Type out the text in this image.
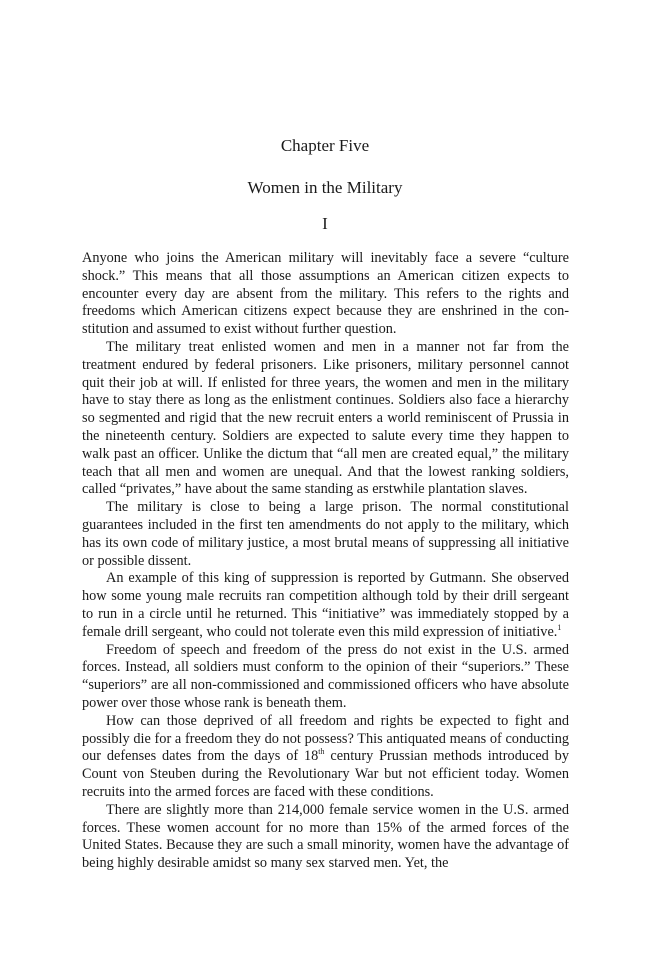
Chapter Five
Women in the Military
I

Anyone who joins the American military will inevitably face a severe “culture shock.” This means that all those assumptions an American citizen expects to encounter every day are absent from the military. This refers to the rights and freedoms which American citizens expect because they are enshrined in the constitution and assumed to exist without further question.

The military treat enlisted women and men in a manner not far from the treatment endured by federal prisoners. Like prisoners, military personnel cannot quit their job at will. If enlisted for three years, the women and men in the military have to stay there as long as the enlistment continues. Soldiers also face a hierarchy so segmented and rigid that the new recruit enters a world reminiscent of Prussia in the nineteenth century. Soldiers are expected to salute every time they happen to walk past an officer. Unlike the dictum that “all men are created equal,” the military teach that all men and women are unequal. And that the lowest ranking soldiers, called “privates,” have about the same standing as erstwhile plantation slaves.

The military is close to being a large prison. The normal constitutional guarantees included in the first ten amendments do not apply to the military, which has its own code of military justice, a most brutal means of suppressing all initiative or possible dissent.

An example of this king of suppression is reported by Gutmann. She observed how some young male recruits ran competition although told by their drill sergeant to run in a circle until he returned. This “initiative” was immediately stopped by a female drill sergeant, who could not tolerate even this mild expression of initiative.$^1$

Freedom of speech and freedom of the press do not exist in the U.S. armed forces. Instead, all soldiers must conform to the opinion of their “superiors.” These “superiors” are all non-commissioned and commissioned officers who have absolute power over those whose rank is beneath them.

How can those deprived of all freedom and rights be expected to fight and possibly die for a freedom they do not possess? This antiquated means of conducting our defenses dates from the days of 18th century Prussian methods introduced by Count von Steuben during the Revolutionary War but not efficient today. Women recruits into the armed forces are faced with these conditions.

There are slightly more than 214,000 female service women in the U.S. armed forces. These women account for no more than 15% of the armed forces of the United States. Because they are such a small minority, women have the advantage of being highly desirable amidst so many sex starved men. Yet, the
